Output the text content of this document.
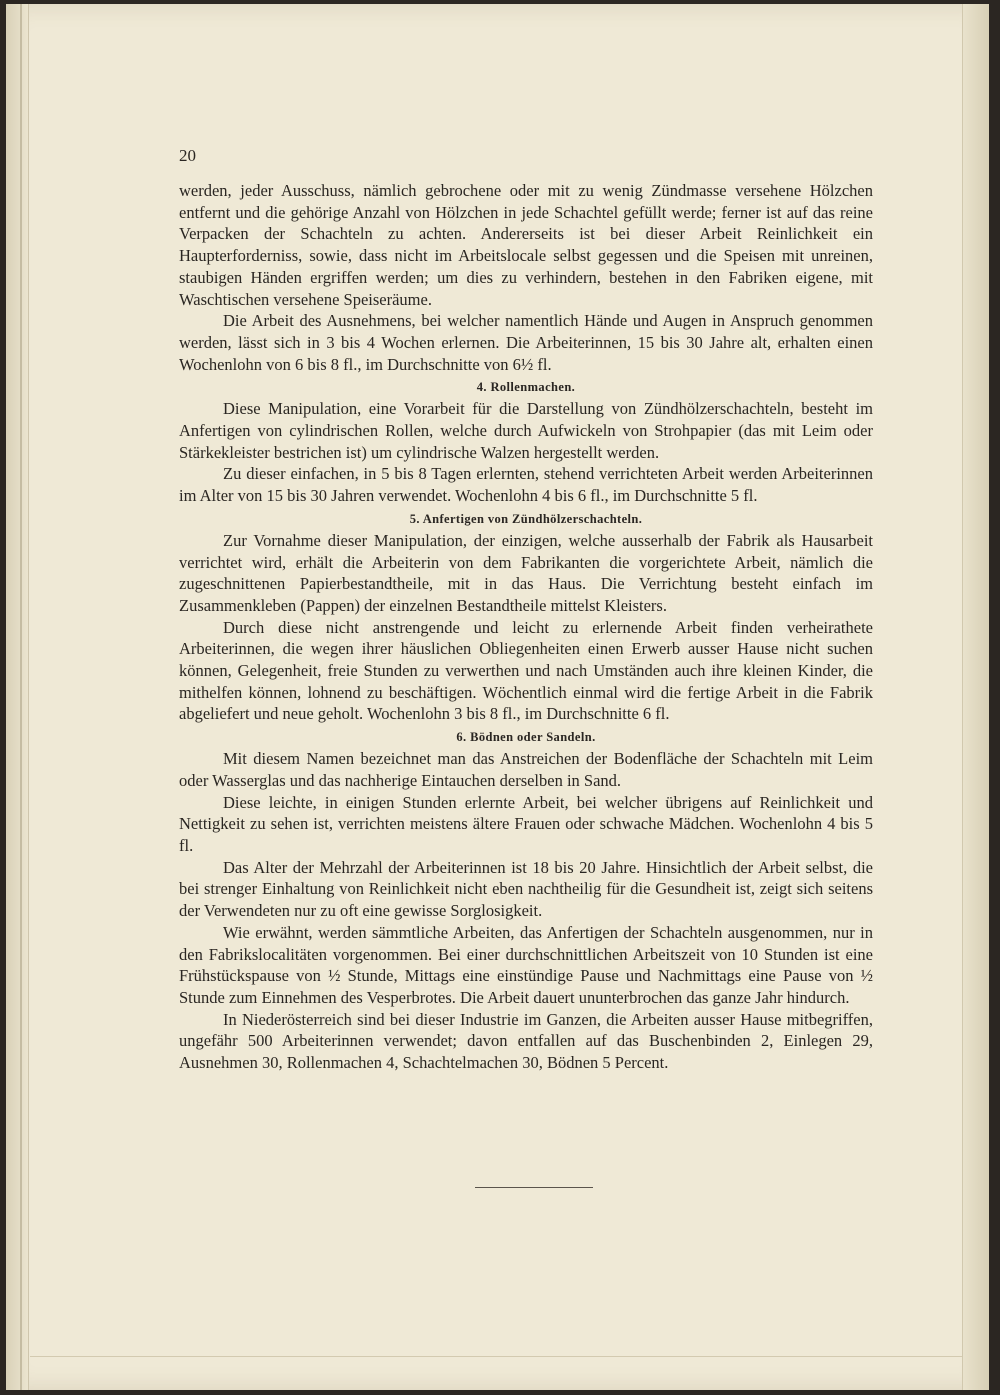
20

werden, jeder Ausschuss, nämlich gebrochene oder mit zu wenig Zündmasse versehene Hölzchen entfernt und die gehörige Anzahl von Hölzchen in jede Schachtel gefüllt werde; ferner ist auf das reine Verpacken der Schachteln zu achten. Andererseits ist bei dieser Arbeit Reinlichkeit ein Haupterforderniss, sowie, dass nicht im Arbeitslocale selbst gegessen und die Speisen mit unreinen, staubigen Händen ergriffen werden; um dies zu verhindern, bestehen in den Fabriken eigene, mit Waschtischen versehene Speiseräume.

Die Arbeit des Ausnehmens, bei welcher namentlich Hände und Augen in Anspruch genommen werden, lässt sich in 3 bis 4 Wochen erlernen. Die Arbeiterinnen, 15 bis 30 Jahre alt, erhalten einen Wochenlohn von 6 bis 8 fl., im Durchschnitte von 6½ fl.

4. Rollenmachen.

Diese Manipulation, eine Vorarbeit für die Darstellung von Zündhölzerschachteln, besteht im Anfertigen von cylindrischen Rollen, welche durch Aufwickeln von Strohpapier (das mit Leim oder Stärkekleister bestrichen ist) um cylindrische Walzen hergestellt werden.

Zu dieser einfachen, in 5 bis 8 Tagen erlernten, stehend verrichteten Arbeit werden Arbeiterinnen im Alter von 15 bis 30 Jahren verwendet. Wochenlohn 4 bis 6 fl., im Durchschnitte 5 fl.

5. Anfertigen von Zündhölzerschachteln.

Zur Vornahme dieser Manipulation, der einzigen, welche ausserhalb der Fabrik als Hausarbeit verrichtet wird, erhält die Arbeiterin von dem Fabrikanten die vorgerichtete Arbeit, nämlich die zugeschnittenen Papierbestandtheile, mit in das Haus. Die Verrichtung besteht einfach im Zusammenkleben (Pappen) der einzelnen Bestandtheile mittelst Kleisters.

Durch diese nicht anstrengende und leicht zu erlernende Arbeit finden verheirathete Arbeiterinnen, die wegen ihrer häuslichen Obliegenheiten einen Erwerb ausser Hause nicht suchen können, Gelegenheit, freie Stunden zu verwerthen und nach Umständen auch ihre kleinen Kinder, die mithelfen können, lohnend zu beschäftigen. Wöchentlich einmal wird die fertige Arbeit in die Fabrik abgeliefert und neue geholt. Wochenlohn 3 bis 8 fl., im Durchschnitte 6 fl.

6. Bödnen oder Sandeln.

Mit diesem Namen bezeichnet man das Anstreichen der Bodenfläche der Schachteln mit Leim oder Wasserglas und das nachherige Eintauchen derselben in Sand.

Diese leichte, in einigen Stunden erlernte Arbeit, bei welcher übrigens auf Reinlichkeit und Nettigkeit zu sehen ist, verrichten meistens ältere Frauen oder schwache Mädchen. Wochenlohn 4 bis 5 fl.

Das Alter der Mehrzahl der Arbeiterinnen ist 18 bis 20 Jahre. Hinsichtlich der Arbeit selbst, die bei strenger Einhaltung von Reinlichkeit nicht eben nachtheilig für die Gesundheit ist, zeigt sich seitens der Verwendeten nur zu oft eine gewisse Sorglosigkeit.

Wie erwähnt, werden sämmtliche Arbeiten, das Anfertigen der Schachteln ausgenommen, nur in den Fabrikslocalitäten vorgenommen. Bei einer durchschnittlichen Arbeitszeit von 10 Stunden ist eine Frühstückspause von ½ Stunde, Mittags eine einstündige Pause und Nachmittags eine Pause von ½ Stunde zum Einnehmen des Vesperbrotes. Die Arbeit dauert ununterbrochen das ganze Jahr hindurch.

In Niederösterreich sind bei dieser Industrie im Ganzen, die Arbeiten ausser Hause mitbegriffen, ungefähr 500 Arbeiterinnen verwendet; davon entfallen auf das Buschenbinden 2, Einlegen 29, Ausnehmen 30, Rollenmachen 4, Schachtelmachen 30, Bödnen 5 Percent.
